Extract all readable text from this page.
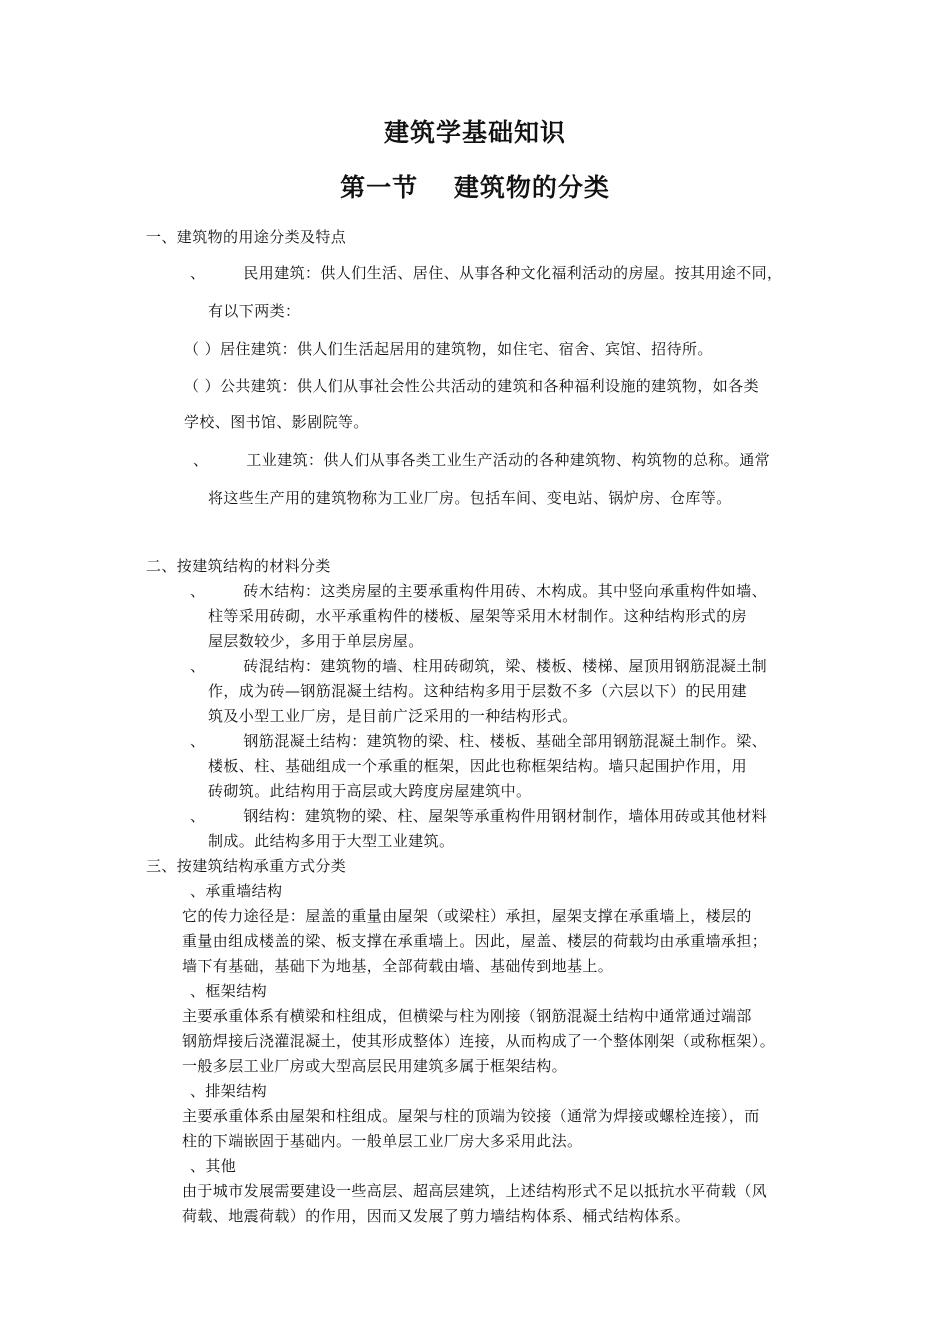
建筑学基础知识
第一节　 建筑物的分类
一、建筑物的用途分类及特点
、	民用建筑：供人们生活、居住、从事各种文化福利活动的房屋。按其用途不同，
有以下两类：
（ ）居住建筑：供人们生活起居用的建筑物，如住宅、宿舍、宾馆、招待所。
（ ）公共建筑：供人们从事社会性公共活动的建筑和各种福利设施的建筑物，如各类
学校、图书馆、影剧院等。
、	工业建筑：供人们从事各类工业生产活动的各种建筑物、构筑物的总称。通常
将这些生产用的建筑物称为工业厂房。包括车间、变电站、锅炉房、仓库等。
二、按建筑结构的材料分类
、	砖木结构：这类房屋的主要承重构件用砖、木构成。其中竖向承重构件如墙、
柱等采用砖砌，水平承重构件的楼板、屋架等采用木材制作。这种结构形式的房
屋层数较少，多用于单层房屋。
、	砖混结构：建筑物的墙、柱用砖砌筑，梁、楼板、楼梯、屋顶用钢筋混凝土制
作，成为砖—钢筋混凝土结构。这种结构多用于层数不多（六层以下）的民用建
筑及小型工业厂房，是目前广泛采用的一种结构形式。
、	钢筋混凝土结构：建筑物的梁、柱、楼板、基础全部用钢筋混凝土制作。梁、
楼板、柱、基础组成一个承重的框架，因此也称框架结构。墙只起围护作用，用
砖砌筑。此结构用于高层或大跨度房屋建筑中。
、	钢结构：建筑物的梁、柱、屋架等承重构件用钢材制作，墙体用砖或其他材料
制成。此结构多用于大型工业建筑。
三、按建筑结构承重方式分类
、承重墙结构
它的传力途径是：屋盖的重量由屋架（或梁柱）承担，屋架支撑在承重墙上，楼层的
重量由组成楼盖的梁、板支撑在承重墙上。因此，屋盖、楼层的荷载均由承重墙承担；
墙下有基础，基础下为地基，全部荷载由墙、基础传到地基上。
、框架结构
主要承重体系有横梁和柱组成，但横梁与柱为刚接（钢筋混凝土结构中通常通过端部
钢筋焊接后浇灌混凝土，使其形成整体）连接，从而构成了一个整体刚架（或称框架）。
一般多层工业厂房或大型高层民用建筑多属于框架结构。
、排架结构
主要承重体系由屋架和柱组成。屋架与柱的顶端为铰接（通常为焊接或螺栓连接），而
柱的下端嵌固于基础内。一般单层工业厂房大多采用此法。
、其他
由于城市发展需要建设一些高层、超高层建筑，上述结构形式不足以抵抗水平荷载（风
荷载、地震荷载）的作用，因而又发展了剪力墙结构体系、桶式结构体系。
